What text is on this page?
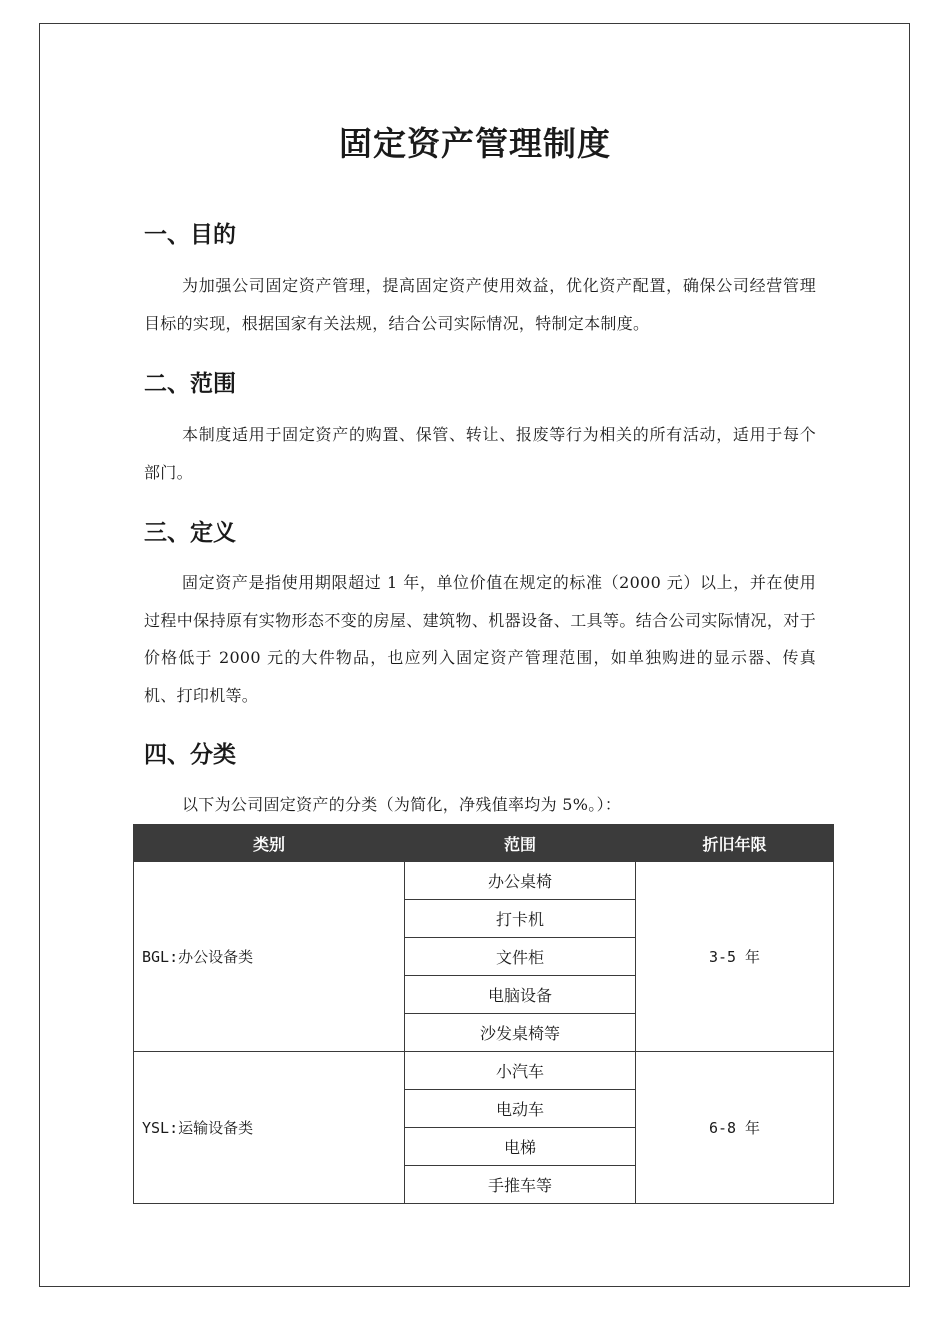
固定资产管理制度
一、目的

为加强公司固定资产管理，提高固定资产使用效益，优化资产配置，确保公司经营管理目标的实现，根据国家有关法规，结合公司实际情况，特制定本制度。

二、范围

本制度适用于固定资产的购置、保管、转让、报废等行为相关的所有活动，适用于每个部门。

三、定义

固定资产是指使用期限超过 1 年，单位价值在规定的标准（2000 元）以上，并在使用过程中保持原有实物形态不变的房屋、建筑物、机器设备、工具等。结合公司实际情况，对于价格低于 2000 元的大件物品，也应列入固定资产管理范围，如单独购进的显示器、传真机、打印机等。

四、分类

以下为公司固定资产的分类（为简化，净残值率均为 5%。）：

类别	范围	折旧年限
BGL:办公设备类	办公桌椅	3-5 年
	打卡机	
	文件柜	
	电脑设备	
	沙发桌椅等	
YSL:运输设备类	小汽车	6-8 年
	电动车	
	电梯	
	手推车等	
